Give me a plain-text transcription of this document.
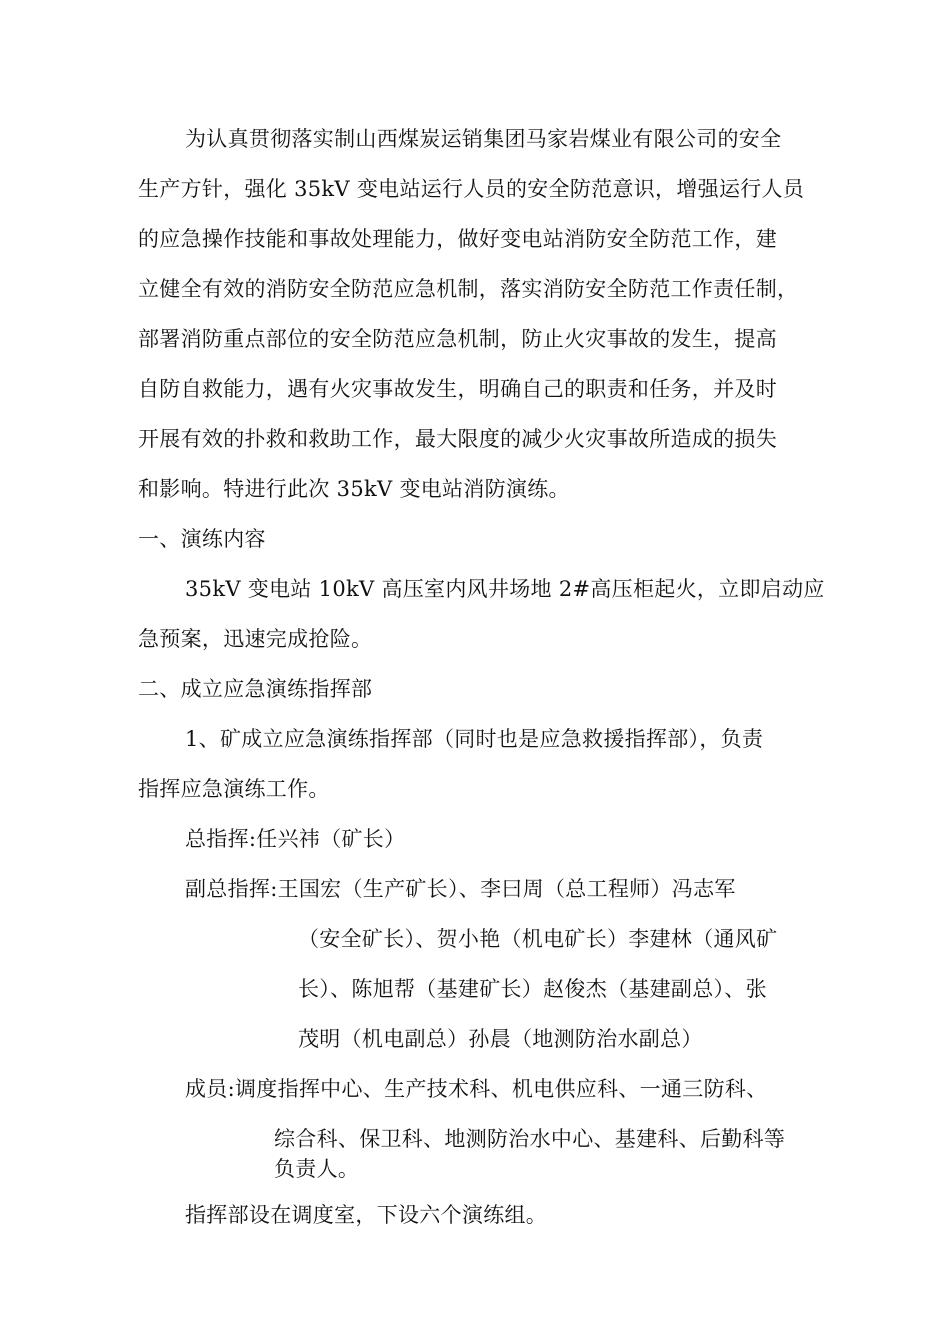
为认真贯彻落实制山西煤炭运销集团马家岩煤业有限公司的安全
生产方针，强化 35kV 变电站运行人员的安全防范意识，增强运行人员
的应急操作技能和事故处理能力，做好变电站消防安全防范工作，建
立健全有效的消防安全防范应急机制，落实消防安全防范工作责任制，
部署消防重点部位的安全防范应急机制，防止火灾事故的发生，提高
自防自救能力，遇有火灾事故发生，明确自己的职责和任务，并及时
开展有效的扑救和救助工作，最大限度的减少火灾事故所造成的损失
和影响。特进行此次 35kV 变电站消防演练。
一、演练内容
35kV 变电站 10kV 高压室内风井场地 2#高压柜起火，立即启动应
急预案，迅速完成抢险。
二、成立应急演练指挥部
1、矿成立应急演练指挥部（同时也是应急救援指挥部），负责
指挥应急演练工作。
总指挥:任兴祎（矿长）
副总指挥:王国宏（生产矿长）、李曰周（总工程师）冯志军
（安全矿长）、贺小艳（机电矿长）李建林（通风矿
长）、陈旭帮（基建矿长）赵俊杰（基建副总）、张
茂明（机电副总）孙晨（地测防治水副总）
成员:调度指挥中心、生产技术科、机电供应科、一通三防科、
综合科、保卫科、地测防治水中心、基建科、后勤科等
负责人。
指挥部设在调度室，下设六个演练组。
